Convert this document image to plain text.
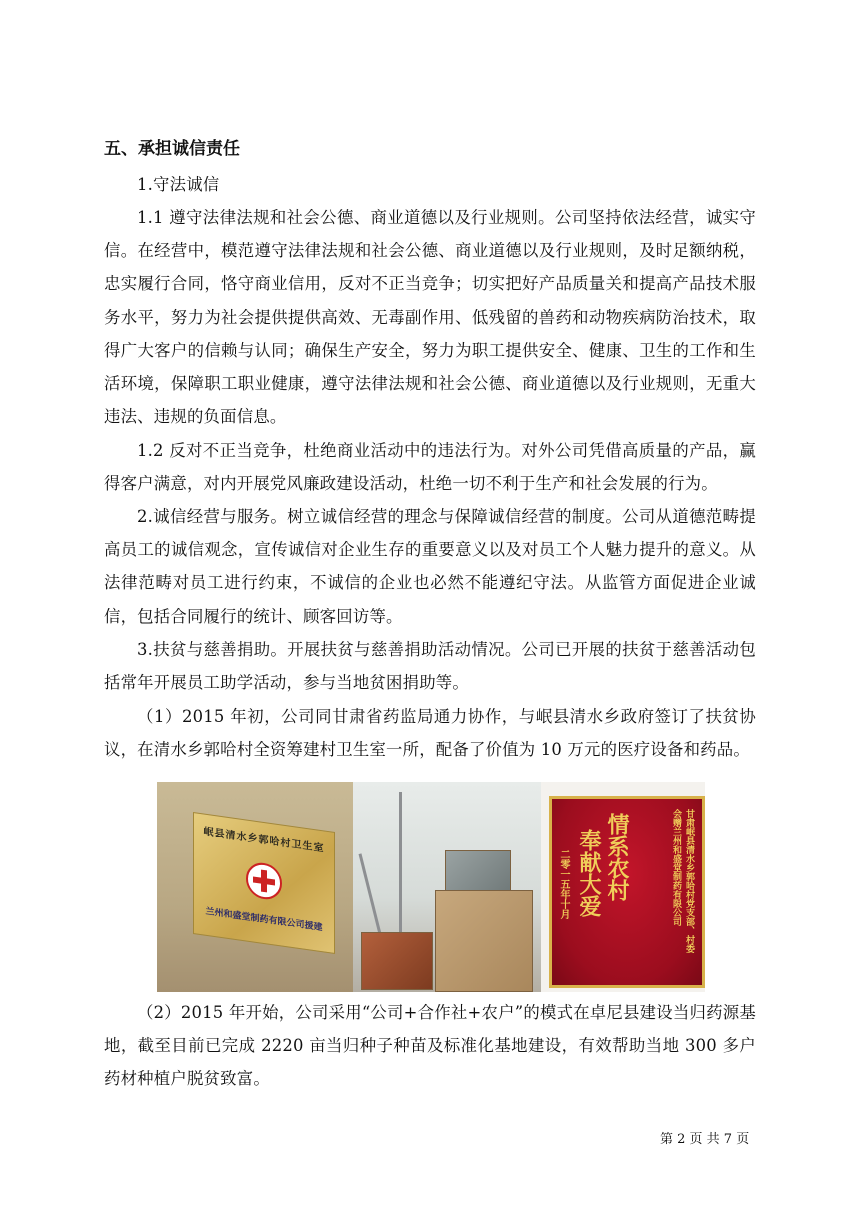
五、承担诚信责任
1.守法诚信
1.1 遵守法律法规和社会公德、商业道德以及行业规则。公司坚持依法经营，诚实守信。在经营中，模范遵守法律法规和社会公德、商业道德以及行业规则，及时足额纳税，忠实履行合同，恪守商业信用，反对不正当竞争；切实把好产品质量关和提高产品技术服务水平，努力为社会提供提供高效、无毒副作用、低残留的兽药和动物疾病防治技术，取得广大客户的信赖与认同；确保生产安全，努力为职工提供安全、健康、卫生的工作和生活环境，保障职工职业健康，遵守法律法规和社会公德、商业道德以及行业规则，无重大违法、违规的负面信息。
1.2 反对不正当竞争，杜绝商业活动中的违法行为。对外公司凭借高质量的产品，赢得客户满意，对内开展党风廉政建设活动，杜绝一切不利于生产和社会发展的行为。
2.诚信经营与服务。树立诚信经营的理念与保障诚信经营的制度。公司从道德范畴提高员工的诚信观念，宣传诚信对企业生存的重要意义以及对员工个人魅力提升的意义。从法律范畴对员工进行约束，不诚信的企业也必然不能遵纪守法。从监管方面促进企业诚信，包括合同履行的统计、顾客回访等。
3.扶贫与慈善捐助。开展扶贫与慈善捐助活动情况。公司已开展的扶贫于慈善活动包括常年开展员工助学活动，参与当地贫困捐助等。
（1）2015 年初，公司同甘肃省药监局通力协作，与岷县清水乡政府签订了扶贫协议，在清水乡郭哈村全资筹建村卫生室一所，配备了价值为 10 万元的医疗设备和药品。
岷县清水乡郭哈村卫生室
兰州和盛堂制药有限公司援建	甘肃岷县清水乡郭哈村党支部、村委会赠兰州和盛堂制药有限公司
情系农村
奉献大爱
二零一五年十月
（2）2015 年开始，公司采用“公司+合作社+农户”的模式在卓尼县建设当归药源基地，截至目前已完成 2220 亩当归种子种苗及标准化基地建设，有效帮助当地 300 多户药材种植户脱贫致富。
第 2 页 共 7 页
